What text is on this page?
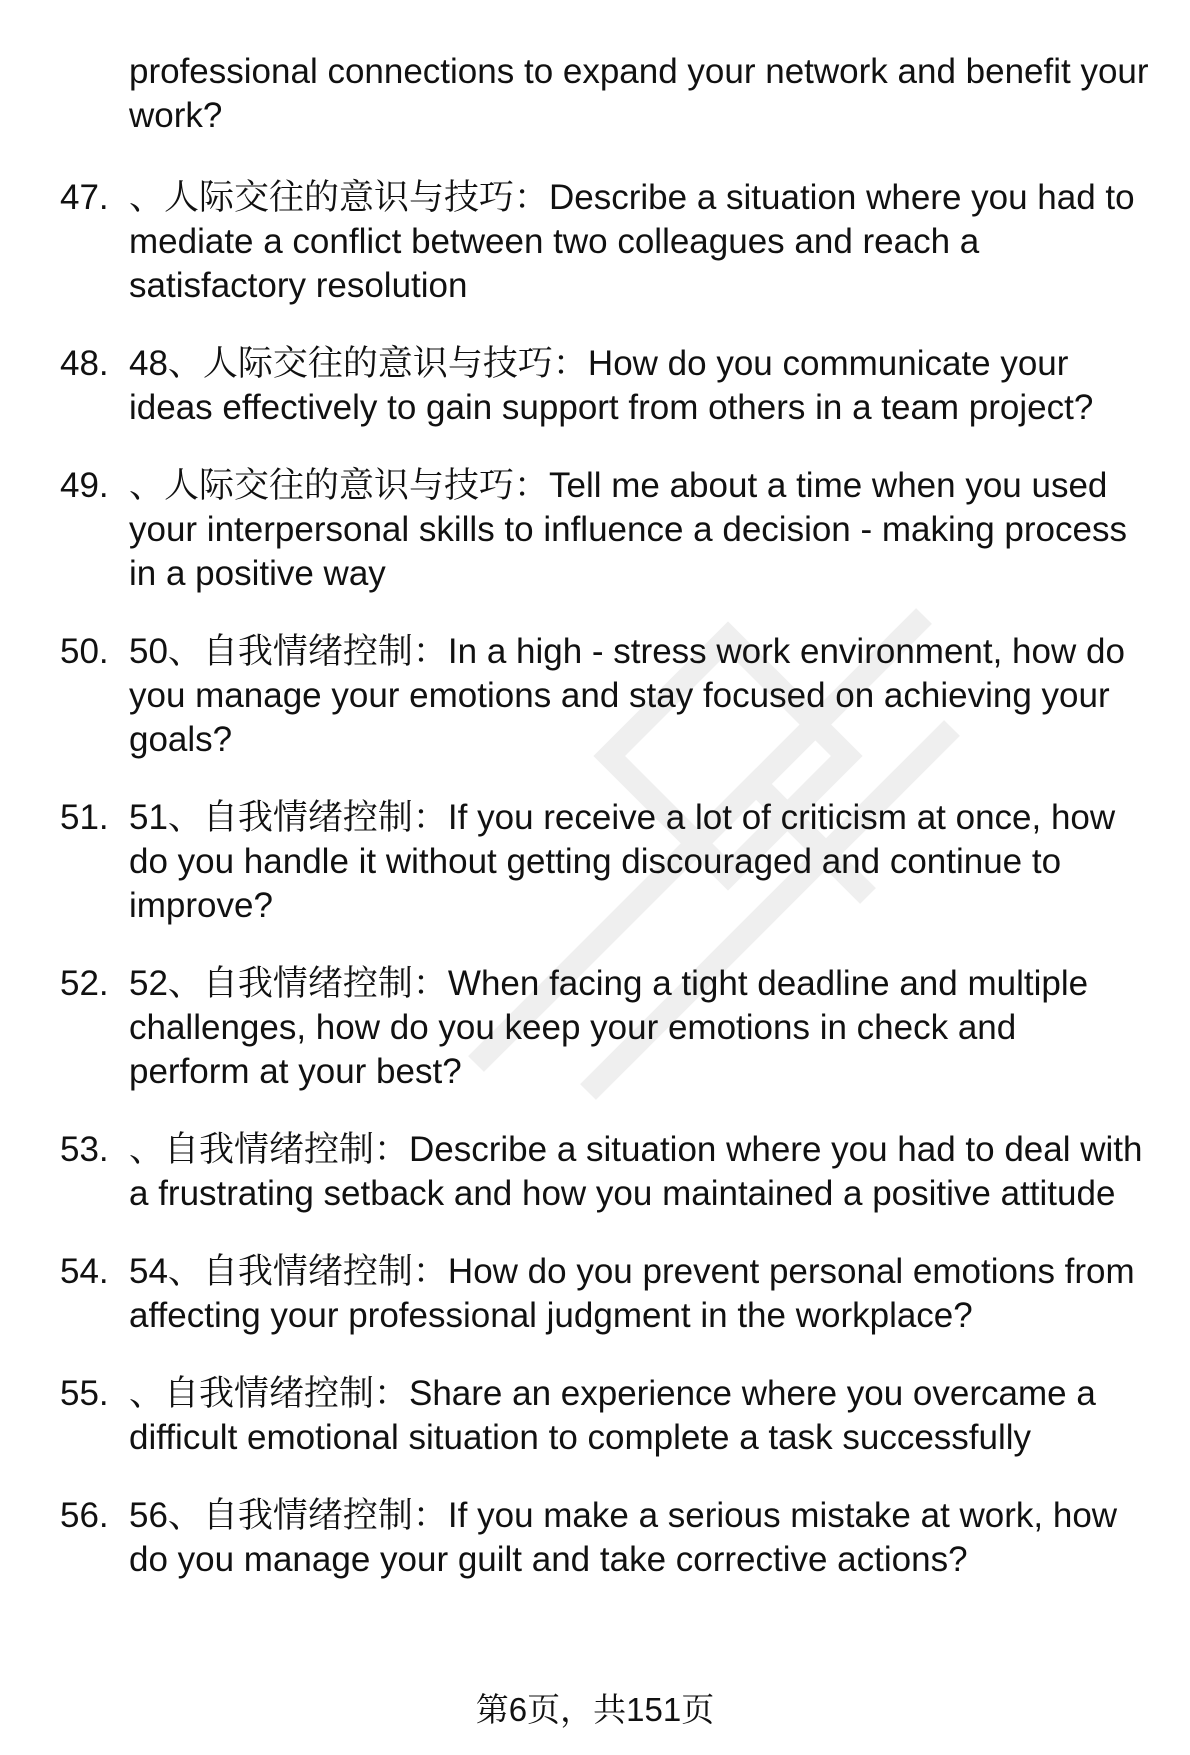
professional connections to expand your network and benefit your work?
47. 、人际交往的意识与技巧：Describe a situation where you had to mediate a conflict between two colleagues and reach a satisfactory resolution
48. 48、人际交往的意识与技巧：How do you communicate your ideas effectively to gain support from others in a team project?
49. 、人际交往的意识与技巧：Tell me about a time when you used your interpersonal skills to influence a decision - making process in a positive way
50. 50、自我情绪控制：In a high - stress work environment, how do you manage your emotions and stay focused on achieving your goals?
51. 51、自我情绪控制：If you receive a lot of criticism at once, how do you handle it without getting discouraged and continue to improve?
52. 52、自我情绪控制：When facing a tight deadline and multiple challenges, how do you keep your emotions in check and perform at your best?
53. 、自我情绪控制：Describe a situation where you had to deal with a frustrating setback and how you maintained a positive attitude
54. 54、自我情绪控制：How do you prevent personal emotions from affecting your professional judgment in the workplace?
55. 、自我情绪控制：Share an experience where you overcame a difficult emotional situation to complete a task successfully
56. 56、自我情绪控制：If you make a serious mistake at work, how do you manage your guilt and take corrective actions?
第6页，共151页
